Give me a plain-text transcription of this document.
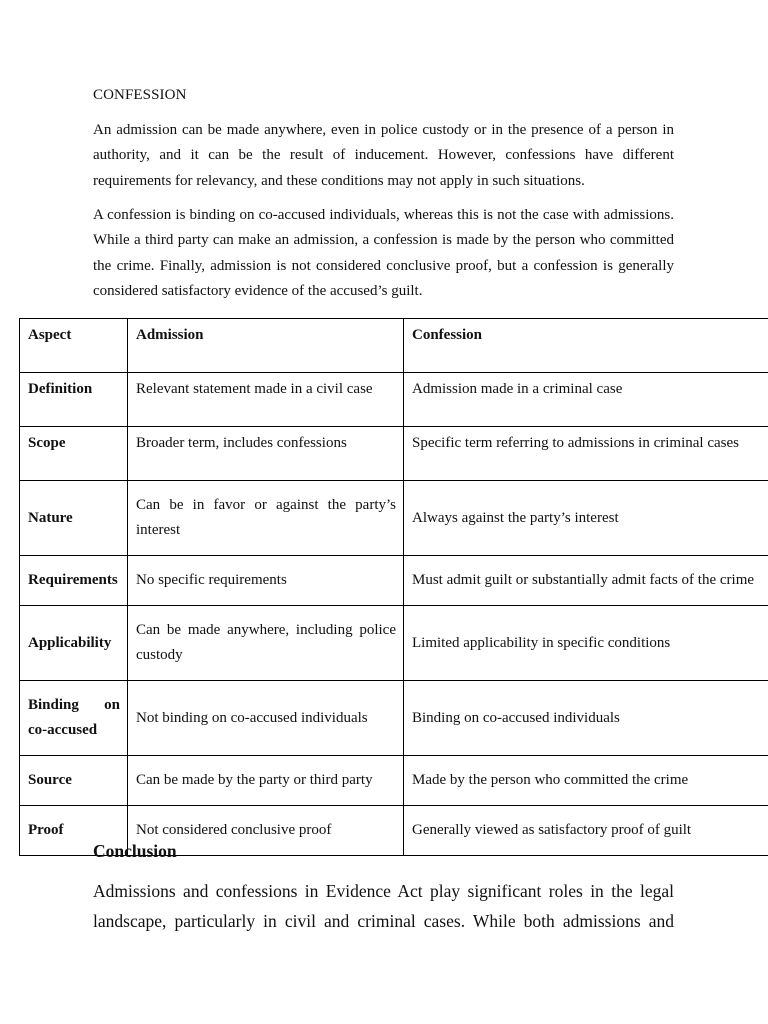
CONFESSION

An admission can be made anywhere, even in police custody or in the presence of a person in authority, and it can be the result of inducement. However, confessions have different requirements for relevancy, and these conditions may not apply in such situations.

A confession is binding on co-accused individuals, whereas this is not the case with admissions. While a third party can make an admission, a confession is made by the person who committed the crime. Finally, admission is not considered conclusive proof, but a confession is generally considered satisfactory evidence of the accused’s guilt.

Aspect	Admission	Confession
Definition	Relevant statement made in a civil case	Admission made in a criminal case
Scope	Broader term, includes confessions	Specific term referring to admissions in criminal cases
Nature	Can be in favor or against the party’s interest	Always against the party’s interest
Requirements	No specific requirements	Must admit guilt or substantially admit facts of the crime
Applicability	Can be made anywhere, including police custody	Limited applicability in specific conditions
Binding on co-accused	Not binding on co-accused individuals	Binding on co-accused individuals
Source	Can be made by the party or third party	Made by the person who committed the crime
Proof	Not considered conclusive proof	Generally viewed as satisfactory proof of guilt
Conclusion

Admissions and confessions in Evidence Act play significant roles in the legal landscape, particularly in civil and criminal cases. While both admissions and
